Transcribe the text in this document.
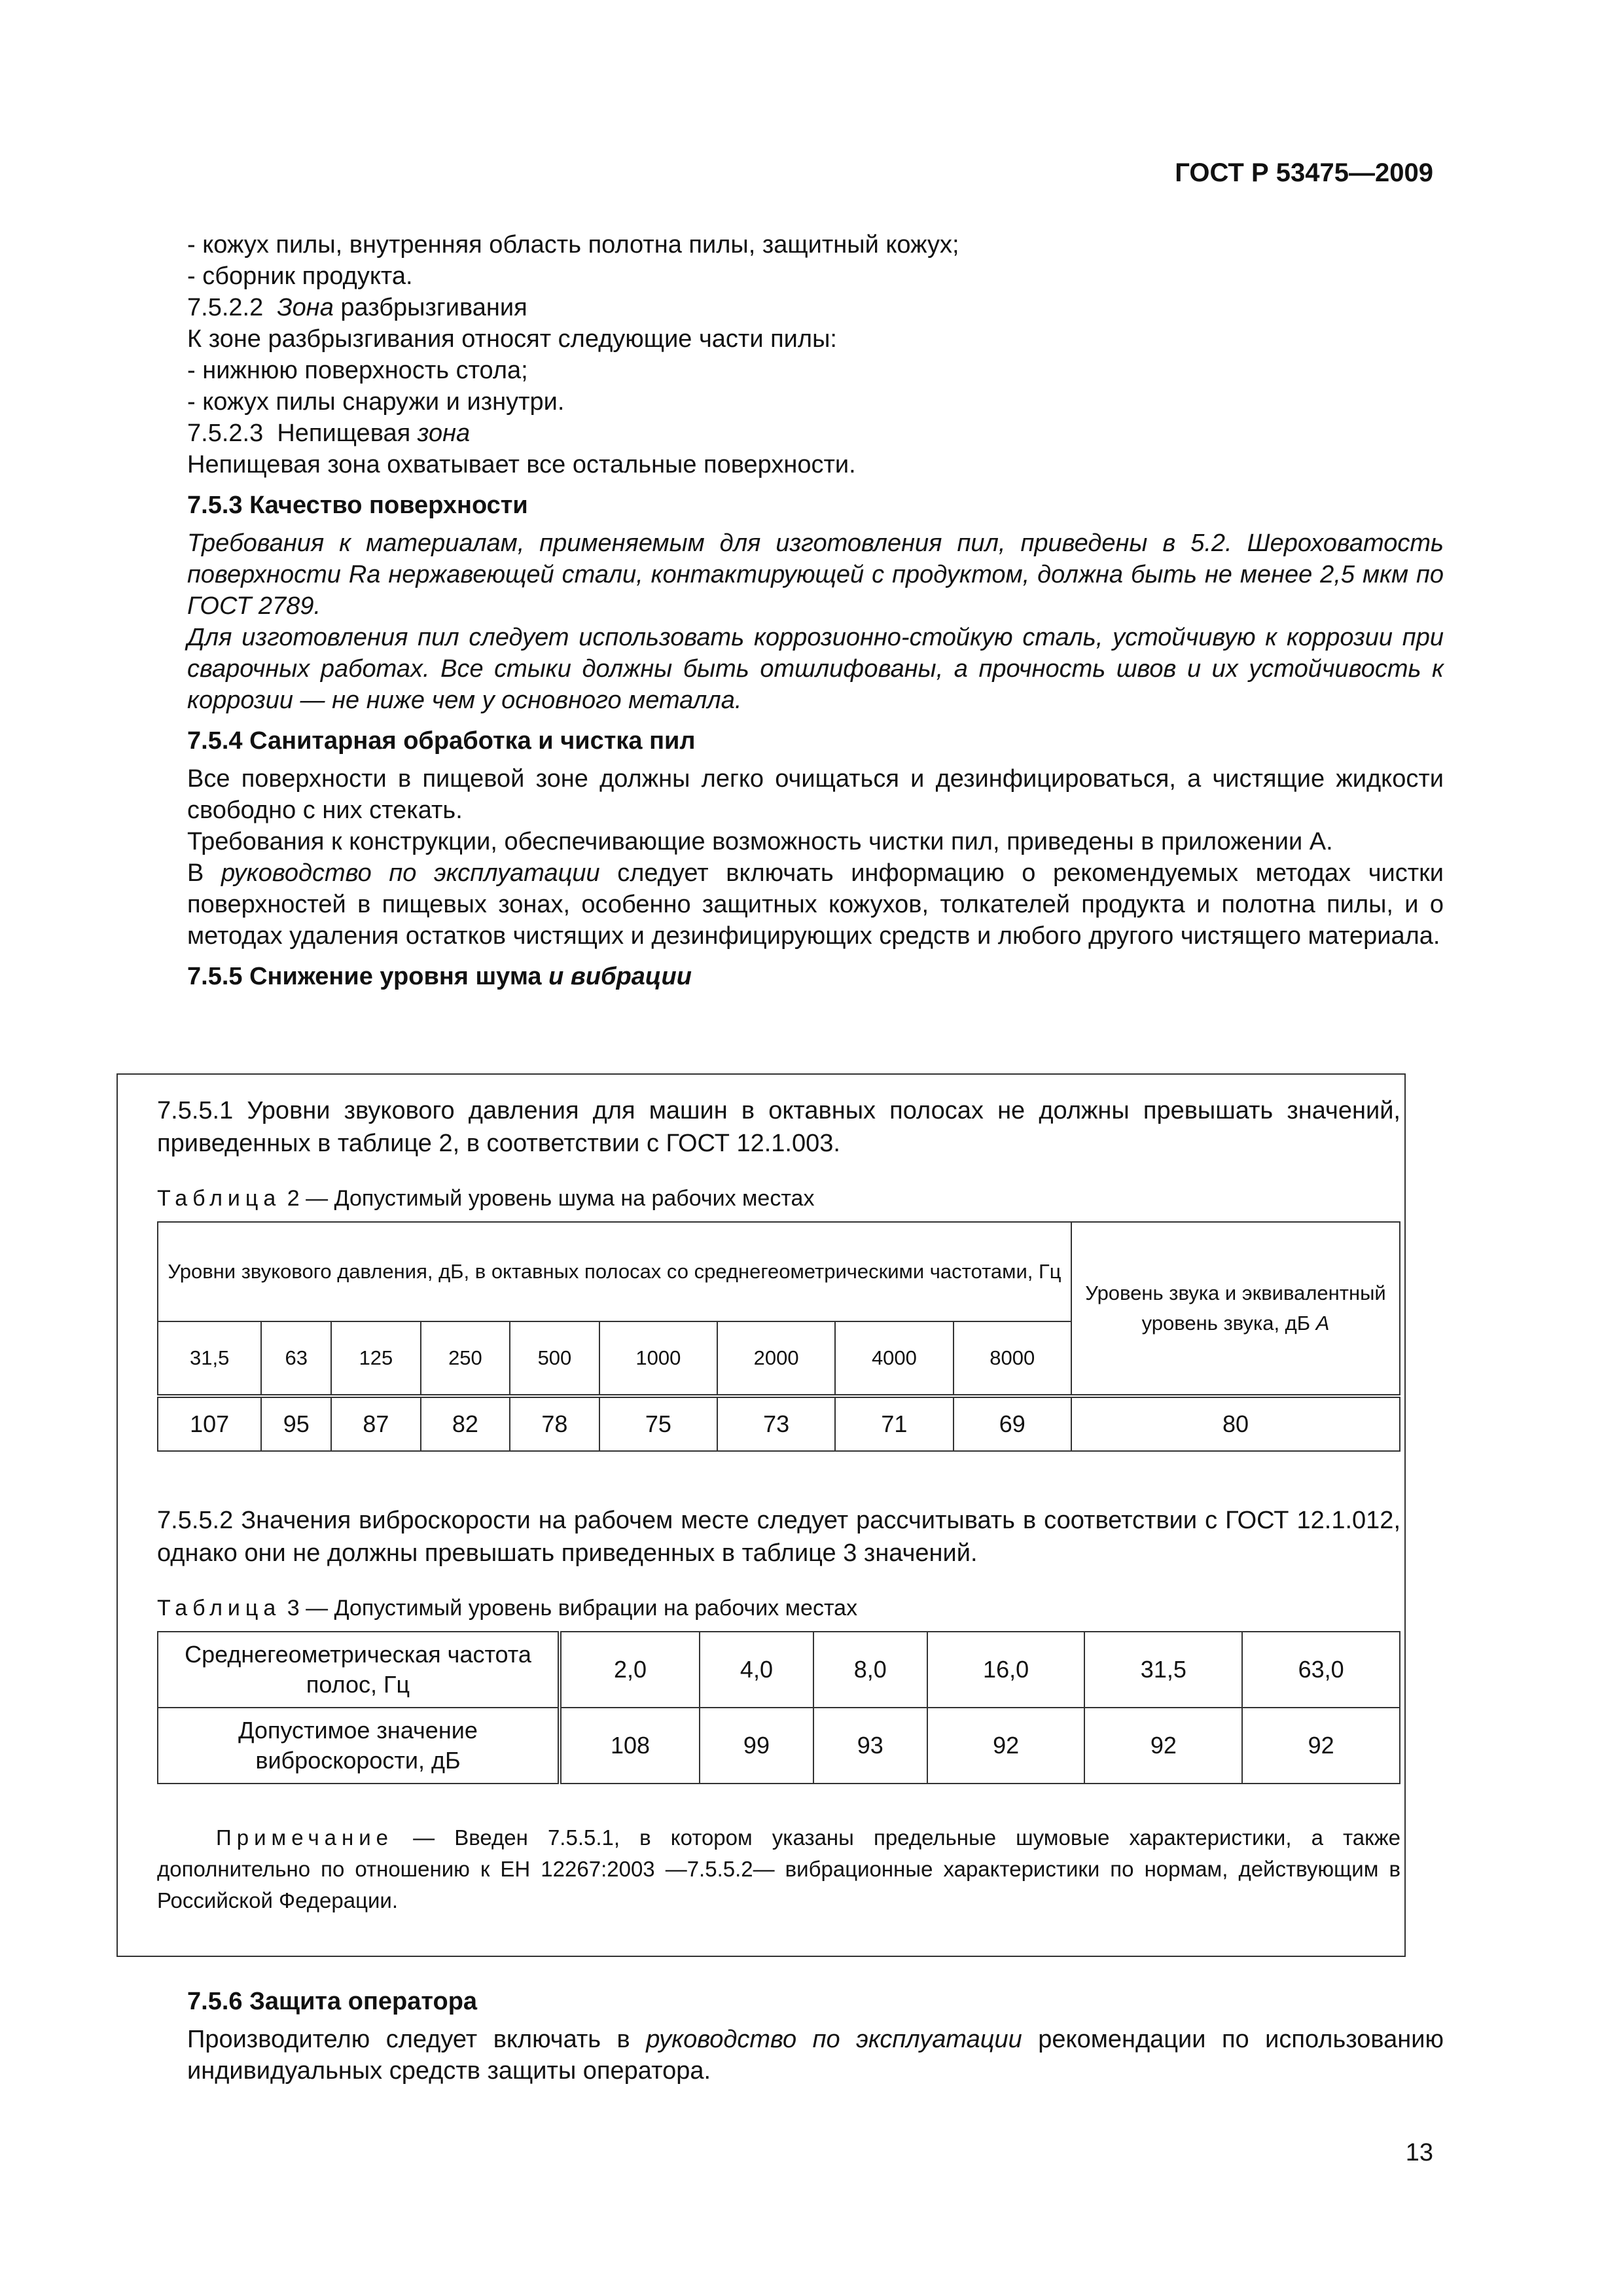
ГОСТ Р 53475—2009

- кожух пилы, внутренняя область полотна пилы, защитный кожух;

- сборник продукта.

7.5.2.2 Зона разбрызгивания

К зоне разбрызгивания относят следующие части пилы:

- нижнюю поверхность стола;

- кожух пилы снаружи и изнутри.

7.5.2.3 Непищевая зона

Непищевая зона охватывает все остальные поверхности.

7.5.3 Качество поверхности

Требования к материалам, применяемым для изготовления пил, приведены в 5.2. Шероховатость поверхности Ra нержавеющей стали, контактирующей с продуктом, должна быть не менее 2,5 мкм по ГОСТ 2789.

Для изготовления пил следует использовать коррозионно-стойкую сталь, устойчивую к коррозии при сварочных работах. Все стыки должны быть отшлифованы, а прочность швов и их устойчивость к коррозии — не ниже чем у основного металла.

7.5.4 Санитарная обработка и чистка пил

Все поверхности в пищевой зоне должны легко очищаться и дезинфицироваться, а чистящие жидкости свободно с них стекать.

Требования к конструкции, обеспечивающие возможность чистки пил, приведены в приложении А.

В руководство по эксплуатации следует включать информацию о рекомендуемых методах чистки поверхностей в пищевых зонах, особенно защитных кожухов, толкателей продукта и полотна пилы, и о методах удаления остатков чистящих и дезинфицирующих средств и любого другого чистящего материала.

7.5.5 Снижение уровня шума и вибрации

7.5.5.1 Уровни звукового давления для машин в октавных полосах не должны превышать значений, приведенных в таблице 2, в соответствии с ГОСТ 12.1.003.

Таблица 2 — Допустимый уровень шума на рабочих местах

Уровни звукового давления, дБ, в октавных полосах со среднегеометрическими частотами, Гц									Уровень звука и эквивалентный уровень звука, дБ А
31,5	63	125	250	500	1000	2000	4000	8000	
107	95	87	82	78	75	73	71	69	80

7.5.5.2 Значения виброскорости на рабочем месте следует рассчитывать в соответствии с ГОСТ 12.1.012, однако они не должны превышать приведенных в таблице 3 значений.

Таблица 3 — Допустимый уровень вибрации на рабочих местах

Среднегеометрическая частота полос, Гц	2,0	4,0	8,0	16,0	31,5	63,0
Допустимое значение виброскорости, дБ	108	99	93	92	92	92

Примечание — Введен 7.5.5.1, в котором указаны предельные шумовые характеристики, а также дополнительно по отношению к ЕН 12267:2003 —7.5.5.2— вибрационные характеристики по нормам, действующим в Российской Федерации.

7.5.6 Защита оператора

Производителю следует включать в руководство по эксплуатации рекомендации по использованию индивидуальных средств защиты оператора.

13
